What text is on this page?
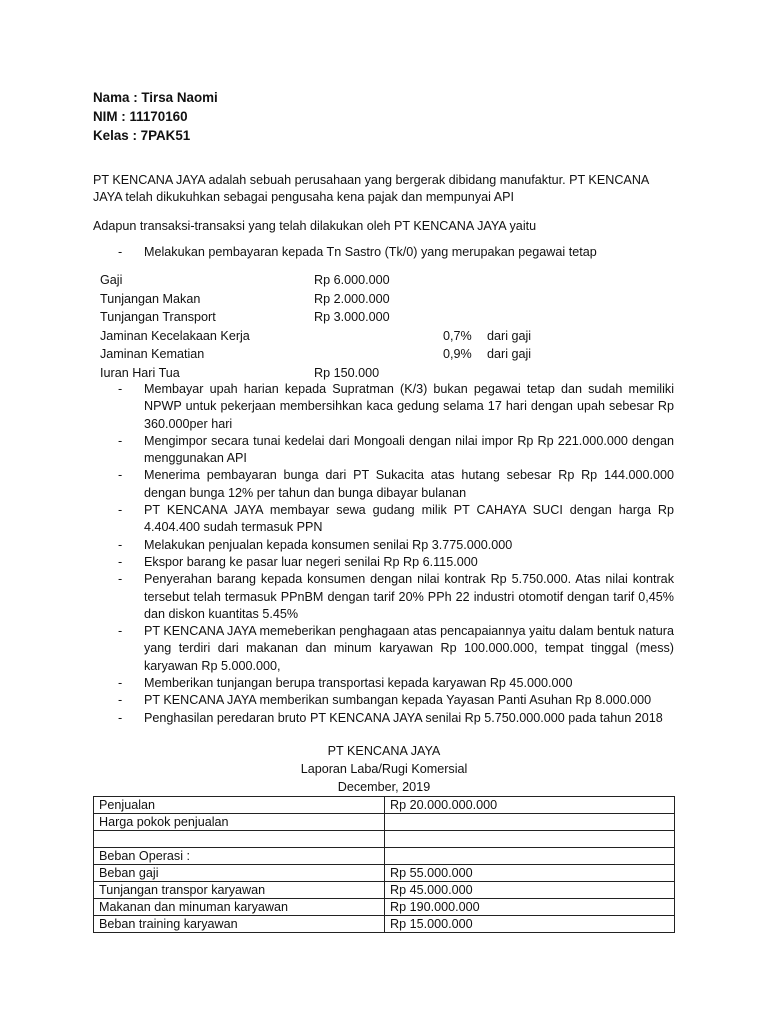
Nama : Tirsa Naomi
NIM : 11170160
Kelas : 7PAK51
PT KENCANA JAYA adalah sebuah perusahaan yang bergerak dibidang manufaktur. PT KENCANA JAYA telah dikukuhkan sebagai pengusaha kena pajak dan mempunyai API
Adapun transaksi-transaksi yang telah dilakukan oleh PT KENCANA JAYA yaitu
- Melakukan pembayaran kepada Tn Sastro (Tk/0) yang merupakan pegawai tetap
Gaji	Rp 6.000.000
Tunjangan Makan	Rp 2.000.000
Tunjangan Transport	Rp 3.000.000
Jaminan Kecelakaan Kerja	0,7% dari gaji
Jaminan Kematian	0,9% dari gaji
Iuran Hari Tua	Rp 150.000
- Membayar upah harian kepada Supratman (K/3) bukan pegawai tetap dan sudah memiliki NPWP untuk pekerjaan membersihkan kaca gedung selama 17 hari dengan upah sebesar Rp 360.000per hari
- Mengimpor secara tunai kedelai dari Mongoali dengan nilai impor Rp Rp 221.000.000 dengan menggunakan API
- Menerima pembayaran bunga dari PT Sukacita atas hutang sebesar Rp Rp 144.000.000 dengan bunga 12% per tahun dan bunga dibayar bulanan
- PT KENCANA JAYA membayar sewa gudang milik PT CAHAYA SUCI dengan harga Rp 4.404.400 sudah termasuk PPN
- Melakukan penjualan kepada konsumen senilai Rp 3.775.000.000
- Ekspor barang ke pasar luar negeri senilai Rp Rp 6.115.000
- Penyerahan barang kepada konsumen dengan nilai kontrak Rp 5.750.000. Atas nilai kontrak tersebut telah termasuk PPnBM dengan tarif 20% PPh 22 industri otomotif dengan tarif 0,45% dan diskon kuantitas 5.45%
- PT KENCANA JAYA memeberikan penghagaan atas pencapaiannya yaitu dalam bentuk natura yang terdiri dari makanan dan minum karyawan Rp 100.000.000, tempat tinggal (mess) karyawan Rp 5.000.000,
- Memberikan tunjangan berupa transportasi kepada karyawan Rp 45.000.000
- PT KENCANA JAYA memberikan sumbangan kepada Yayasan Panti Asuhan Rp 8.000.000
- Penghasilan peredaran bruto PT KENCANA JAYA senilai Rp 5.750.000.000 pada tahun 2018
PT KENCANA JAYA
Laporan Laba/Rugi Komersial
December, 2019
Penjualan	Rp 20.000.000.000
Harga pokok penjualan	

Beban Operasi :	
Beban gaji	Rp 55.000.000
Tunjangan transpor karyawan	Rp 45.000.000
Makanan dan minuman karyawan	Rp 190.000.000
Beban training karyawan	Rp 15.000.000
